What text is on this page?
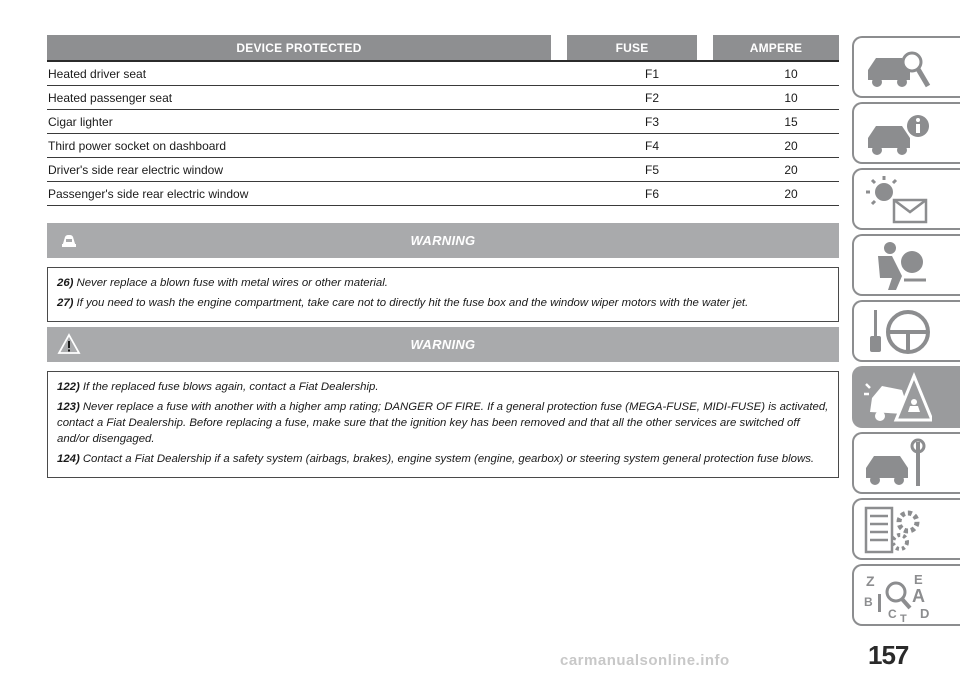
DEVICE PROTECTED	FUSE	AMPERE
Heated driver seat	F1	10
Heated passenger seat	F2	10
Cigar lighter	F3	15
Third power socket on dashboard	F4	20
Driver's side rear electric window	F5	20
Passenger's side rear electric window	F6	20
WARNING

26) Never replace a blown fuse with metal wires or other material.

27) If you need to wash the engine compartment, take care not to directly hit the fuse box and the window wiper motors with the water jet.

WARNING

122) If the replaced fuse blows again, contact a Fiat Dealership.

123) Never replace a fuse with another with a higher amp rating; DANGER OF FIRE. If a general protection fuse (MEGA-FUSE, MIDI-FUSE) is activated, contact a Fiat Dealership. Before replacing a fuse, make sure that the ignition key has been removed and that all the other services are switched off and/or disengaged.

124) Contact a Fiat Dealership if a safety system (airbags, brakes), engine system (engine, gearbox) or steering system general protection fuse blows.

Z	E
B A
C D
T
157
carmanualsonline.info
